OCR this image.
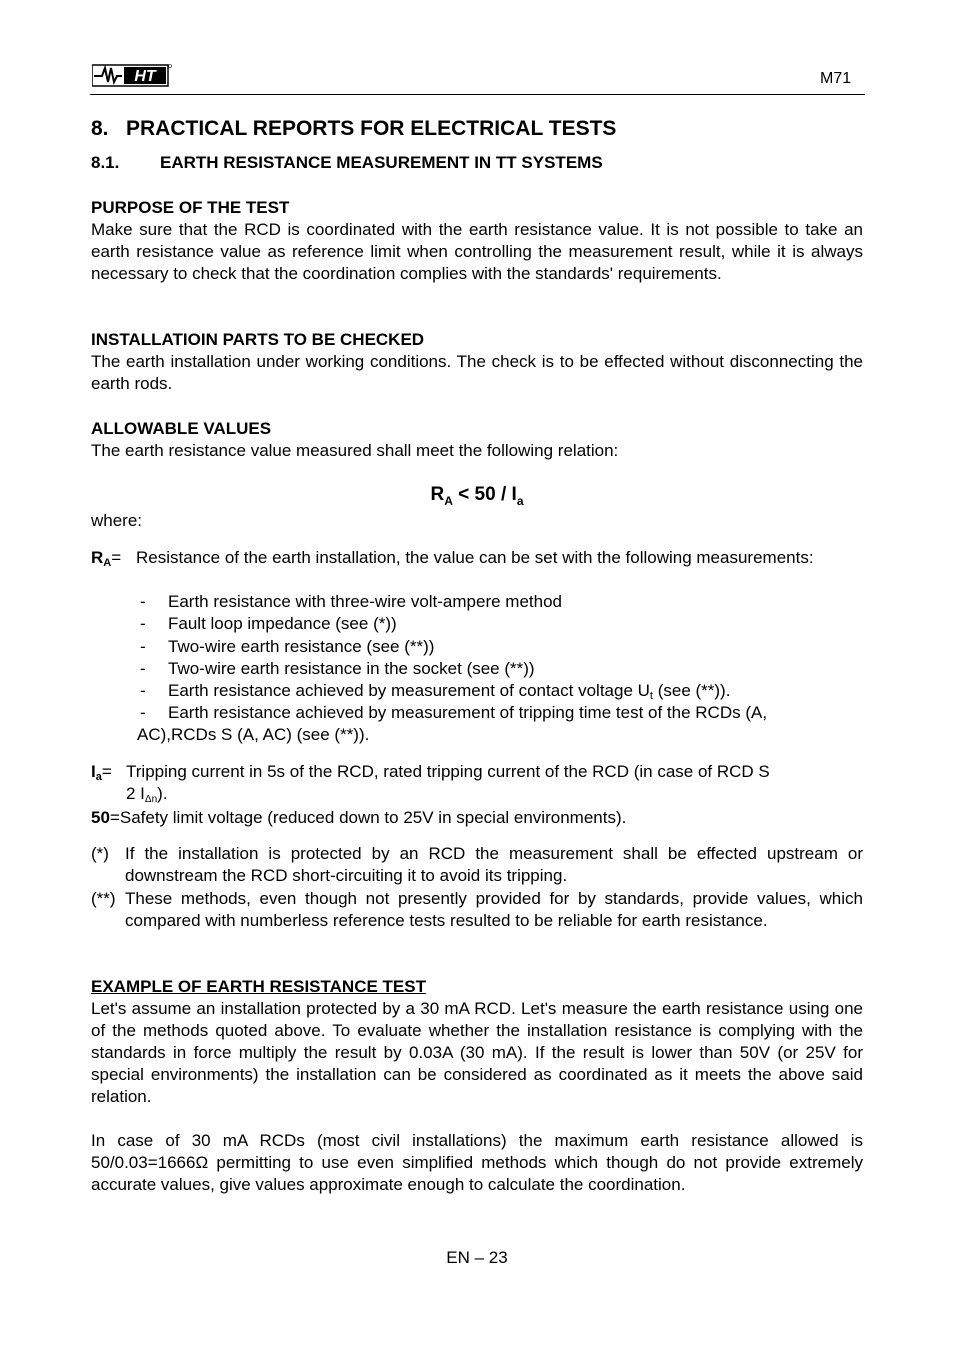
HT	M71
8. PRACTICAL REPORTS FOR ELECTRICAL TESTS
8.1. EARTH RESISTANCE MEASUREMENT IN TT SYSTEMS
PURPOSE OF THE TEST
Make sure that the RCD is coordinated with the earth resistance value. It is not possible to take an earth resistance value as reference limit when controlling the measurement result, while it is always necessary to check that the coordination complies with the standards' requirements.
INSTALLATIOIN PARTS TO BE CHECKED
The earth installation under working conditions. The check is to be effected without disconnecting the earth rods.
ALLOWABLE VALUES
The earth resistance value measured shall meet the following relation:
$R_A < 50 / I_a$
where:
$R_A=$ Resistance of the earth installation, the value can be set with the following measurements:
- Earth resistance with three-wire volt-ampere method
- Fault loop impedance (see (*))
- Two-wire earth resistance (see (**))
- Two-wire earth resistance in the socket (see (**))
- Earth resistance achieved by measurement of contact voltage $U_t$ (see (**)).
- Earth resistance achieved by measurement of tripping time test of the RCDs (A,
AC),RCDs S (A, AC) (see (**)).
$I_a=$ Tripping current in 5s of the RCD, rated tripping current of the RCD (in case of RCD S
2 $I_{\Delta n}$).
50=Safety limit voltage (reduced down to 25V in special environments).
(*) If the installation is protected by an RCD the measurement shall be effected upstream or downstream the RCD short-circuiting it to avoid its tripping.
(**) These methods, even though not presently provided for by standards, provide values, which compared with numberless reference tests resulted to be reliable for earth resistance.
EXAMPLE OF EARTH RESISTANCE TEST
Let's assume an installation protected by a 30 mA RCD. Let's measure the earth resistance using one of the methods quoted above. To evaluate whether the installation resistance is complying with the standards in force multiply the result by 0.03A (30 mA). If the result is lower than 50V (or 25V for special environments) the installation can be considered as coordinated as it meets the above said relation.
In case of 30 mA RCDs (most civil installations) the maximum earth resistance allowed is 50/0.03=1666Ω permitting to use even simplified methods which though do not provide extremely accurate values, give values approximate enough to calculate the coordination.
EN – 23
